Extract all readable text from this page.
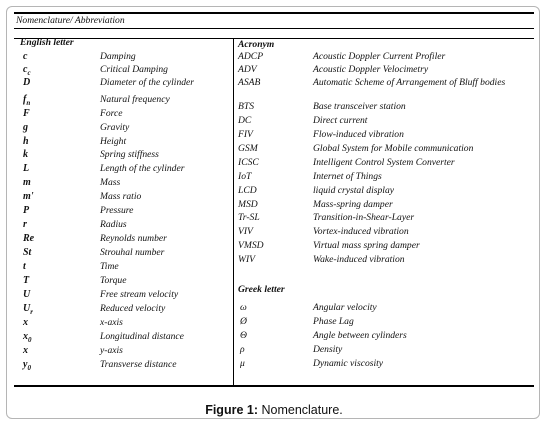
Nomenclature/ Abbreviation
English letter	Acronym
c	Damping
$c_c$	Critical Damping
D	Diameter of the cylinder
$f_n$	Natural frequency
F	Force
g	Gravity
h	Height
k	Spring stiffness
L	Length of the cylinder
m	Mass
m'	Mass ratio
P	Pressure
r	Radius
Re	Reynolds number
St	Strouhal number
t	Time
T	Torque
U	Free stream velocity
$U_r$	Reduced velocity
x	x-axis
$x_0$	Longitudinal distance
x	y-axis
$y_0$	Transverse distance
ADCP	Acoustic Doppler Current Profiler
ADV	Acoustic Doppler Velocimetry
ASAB	Automatic Scheme of Arrangement of Bluff bodies
BTS	Base transceiver station
DC	Direct current
FIV	Flow-induced vibration
GSM	Global System for Mobile communication
ICSC	Intelligent Control System Converter
IoT	Internet of Things
LCD	liquid crystal display
MSD	Mass-spring damper
Tr-SL	Transition-in-Shear-Layer
VIV	Vortex-induced vibration
VMSD	Virtual mass spring damper
WIV	Wake-induced vibration
Greek letter
ω	Angular velocity
Ø	Phase Lag
Θ	Angle between cylinders
ρ	Density
μ	Dynamic viscosity
Figure 1: Nomenclature.
